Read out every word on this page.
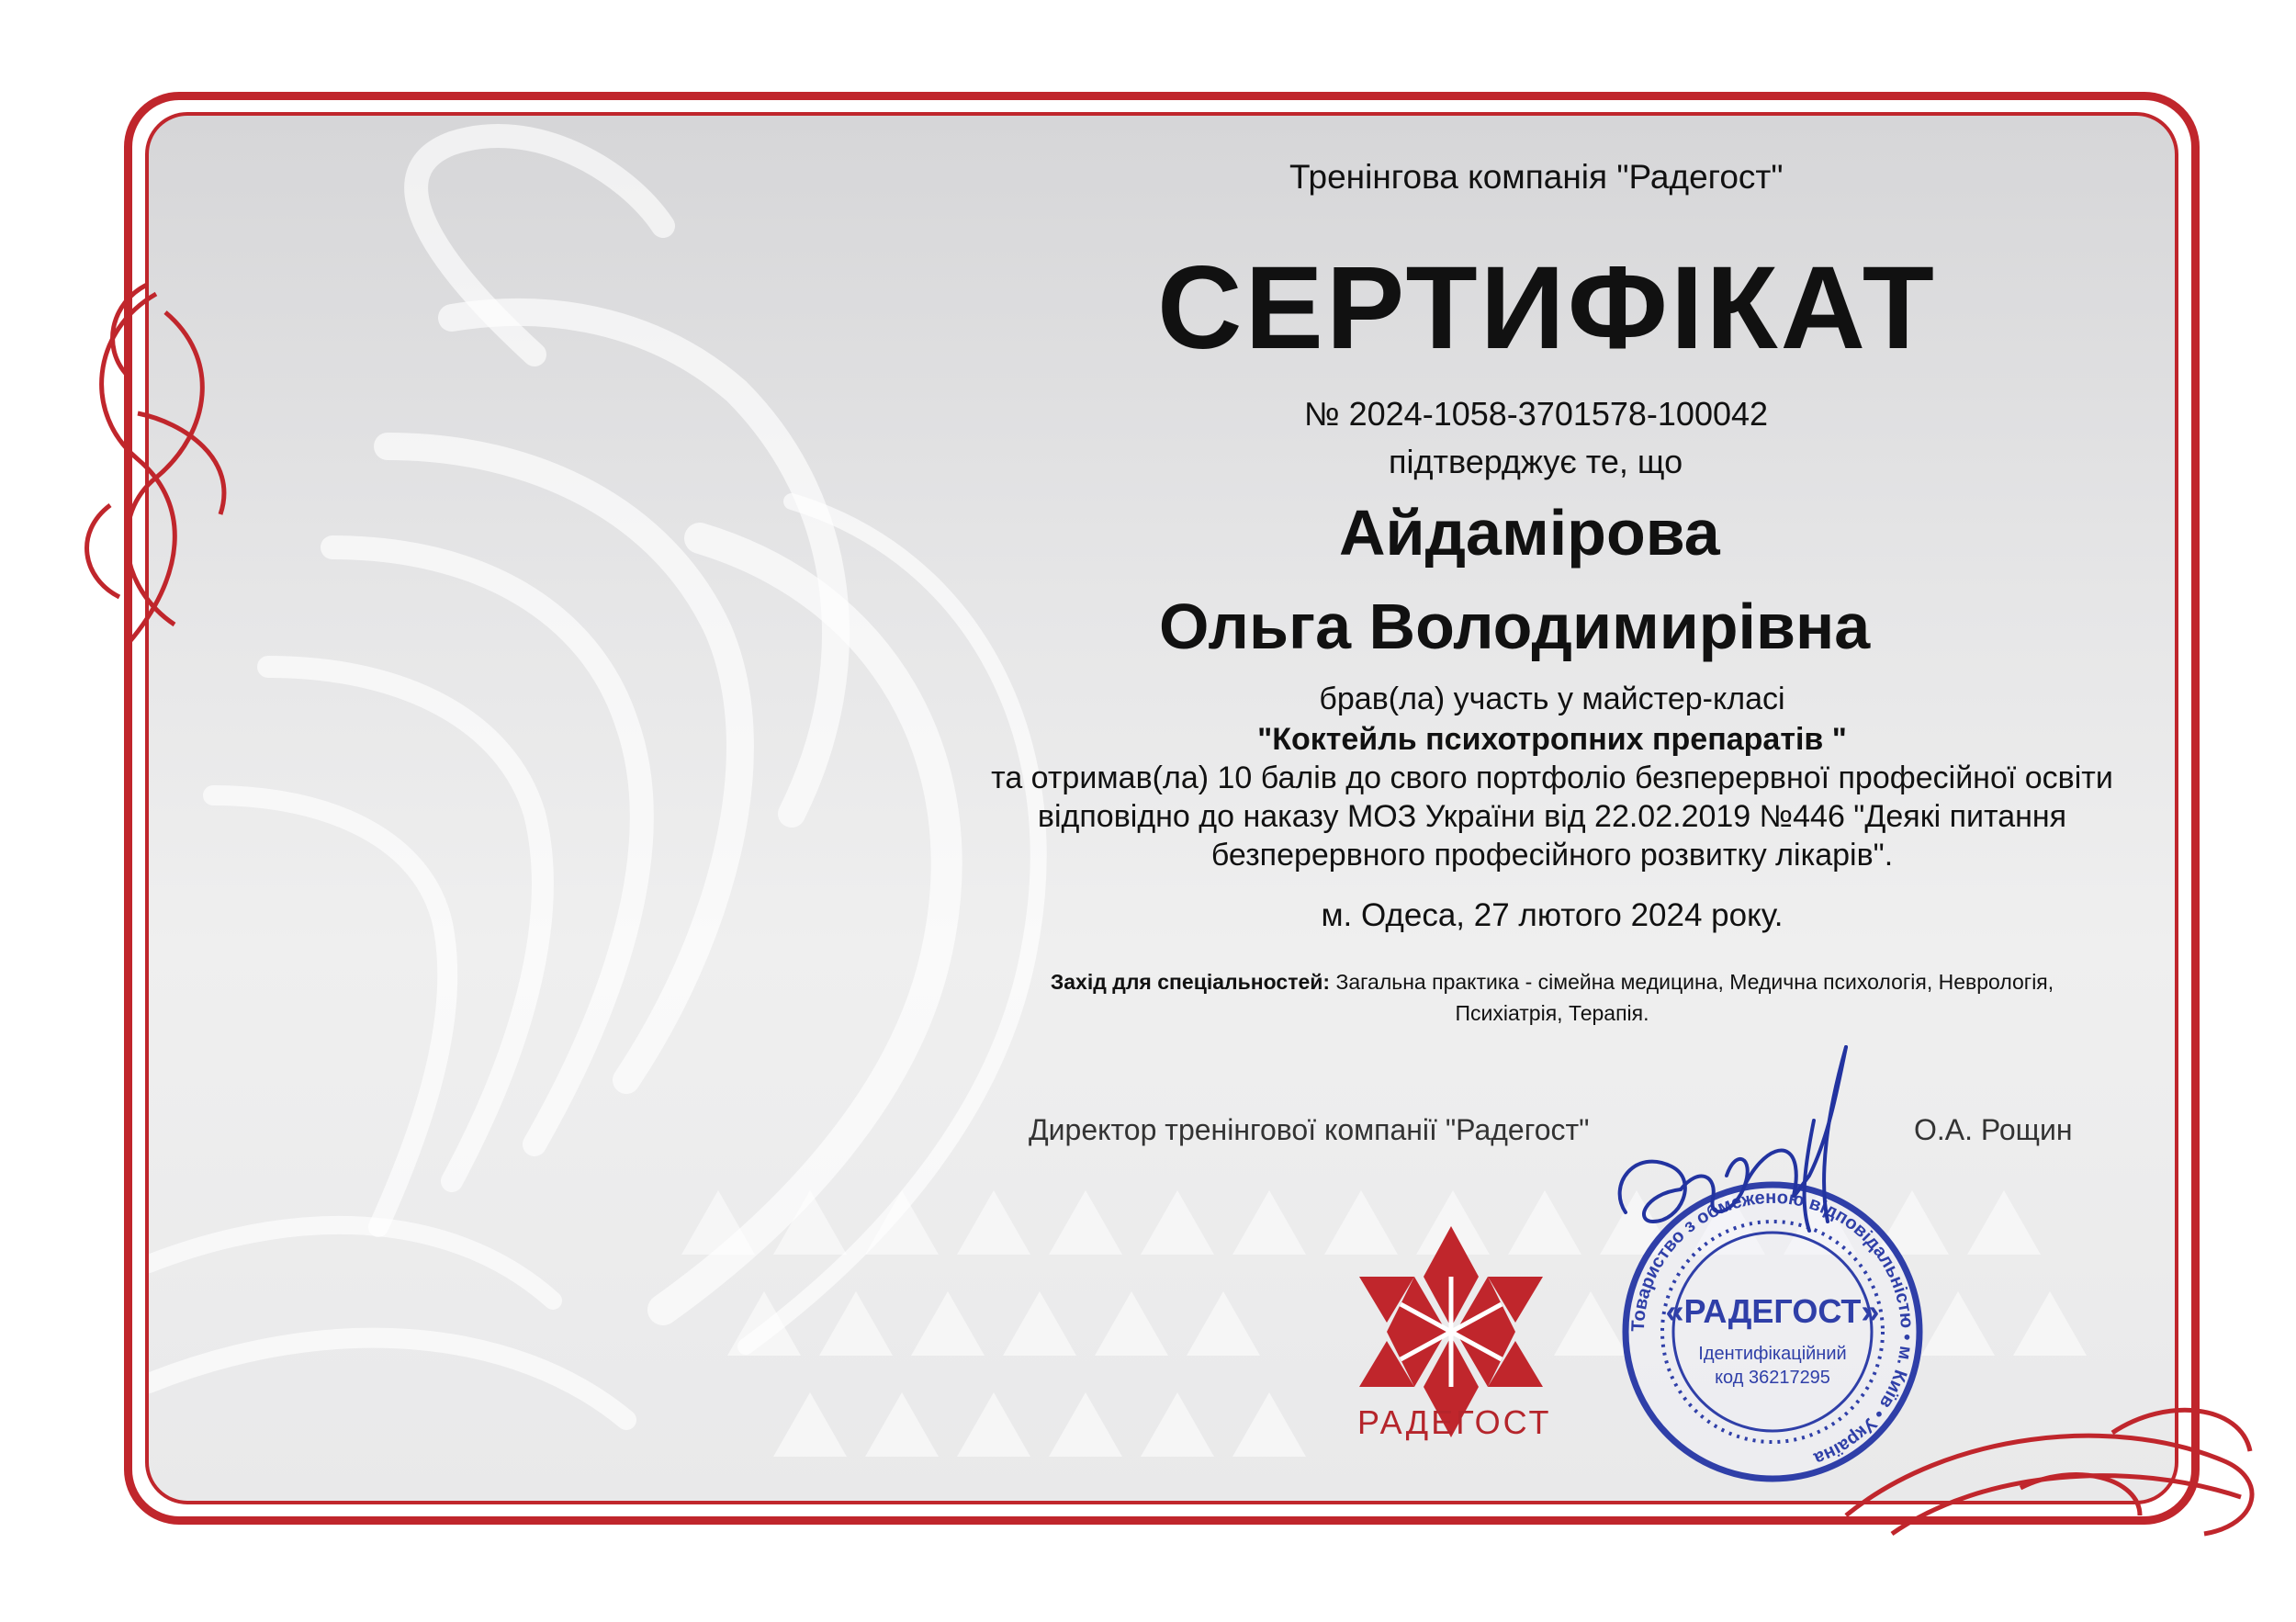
Тренінгова компанія "Радегост"
СЕРТИФІКАТ
№ 2024-1058-3701578-100042
підтверджує те, що
Айдамірова
Ольга Володимирівна
брав(ла) участь у майстер-класі
"Коктейль психотропних препаратів "
та отримав(ла) 10 балів до свого портфоліо безперервної професійної освіти
відповідно до наказу МОЗ України від 22.02.2019 №446 "Деякі питання
безперервного професійного розвитку лікарів".
м. Одеса, 27 лютого 2024 року.
Захід для спеціальностей: Загальна практика - сімейна медицина, Медична психологія, Неврологія,
Психіатрія, Терапія.
Директор тренінгової компанії "Радегост"	О.А. Рощин
РАДЕГОСТ
Товариство з обмеженою відповідальністю • м. Київ • Україна
«РАДЕГОСТ»
Ідентифікаційний
код 36217295
